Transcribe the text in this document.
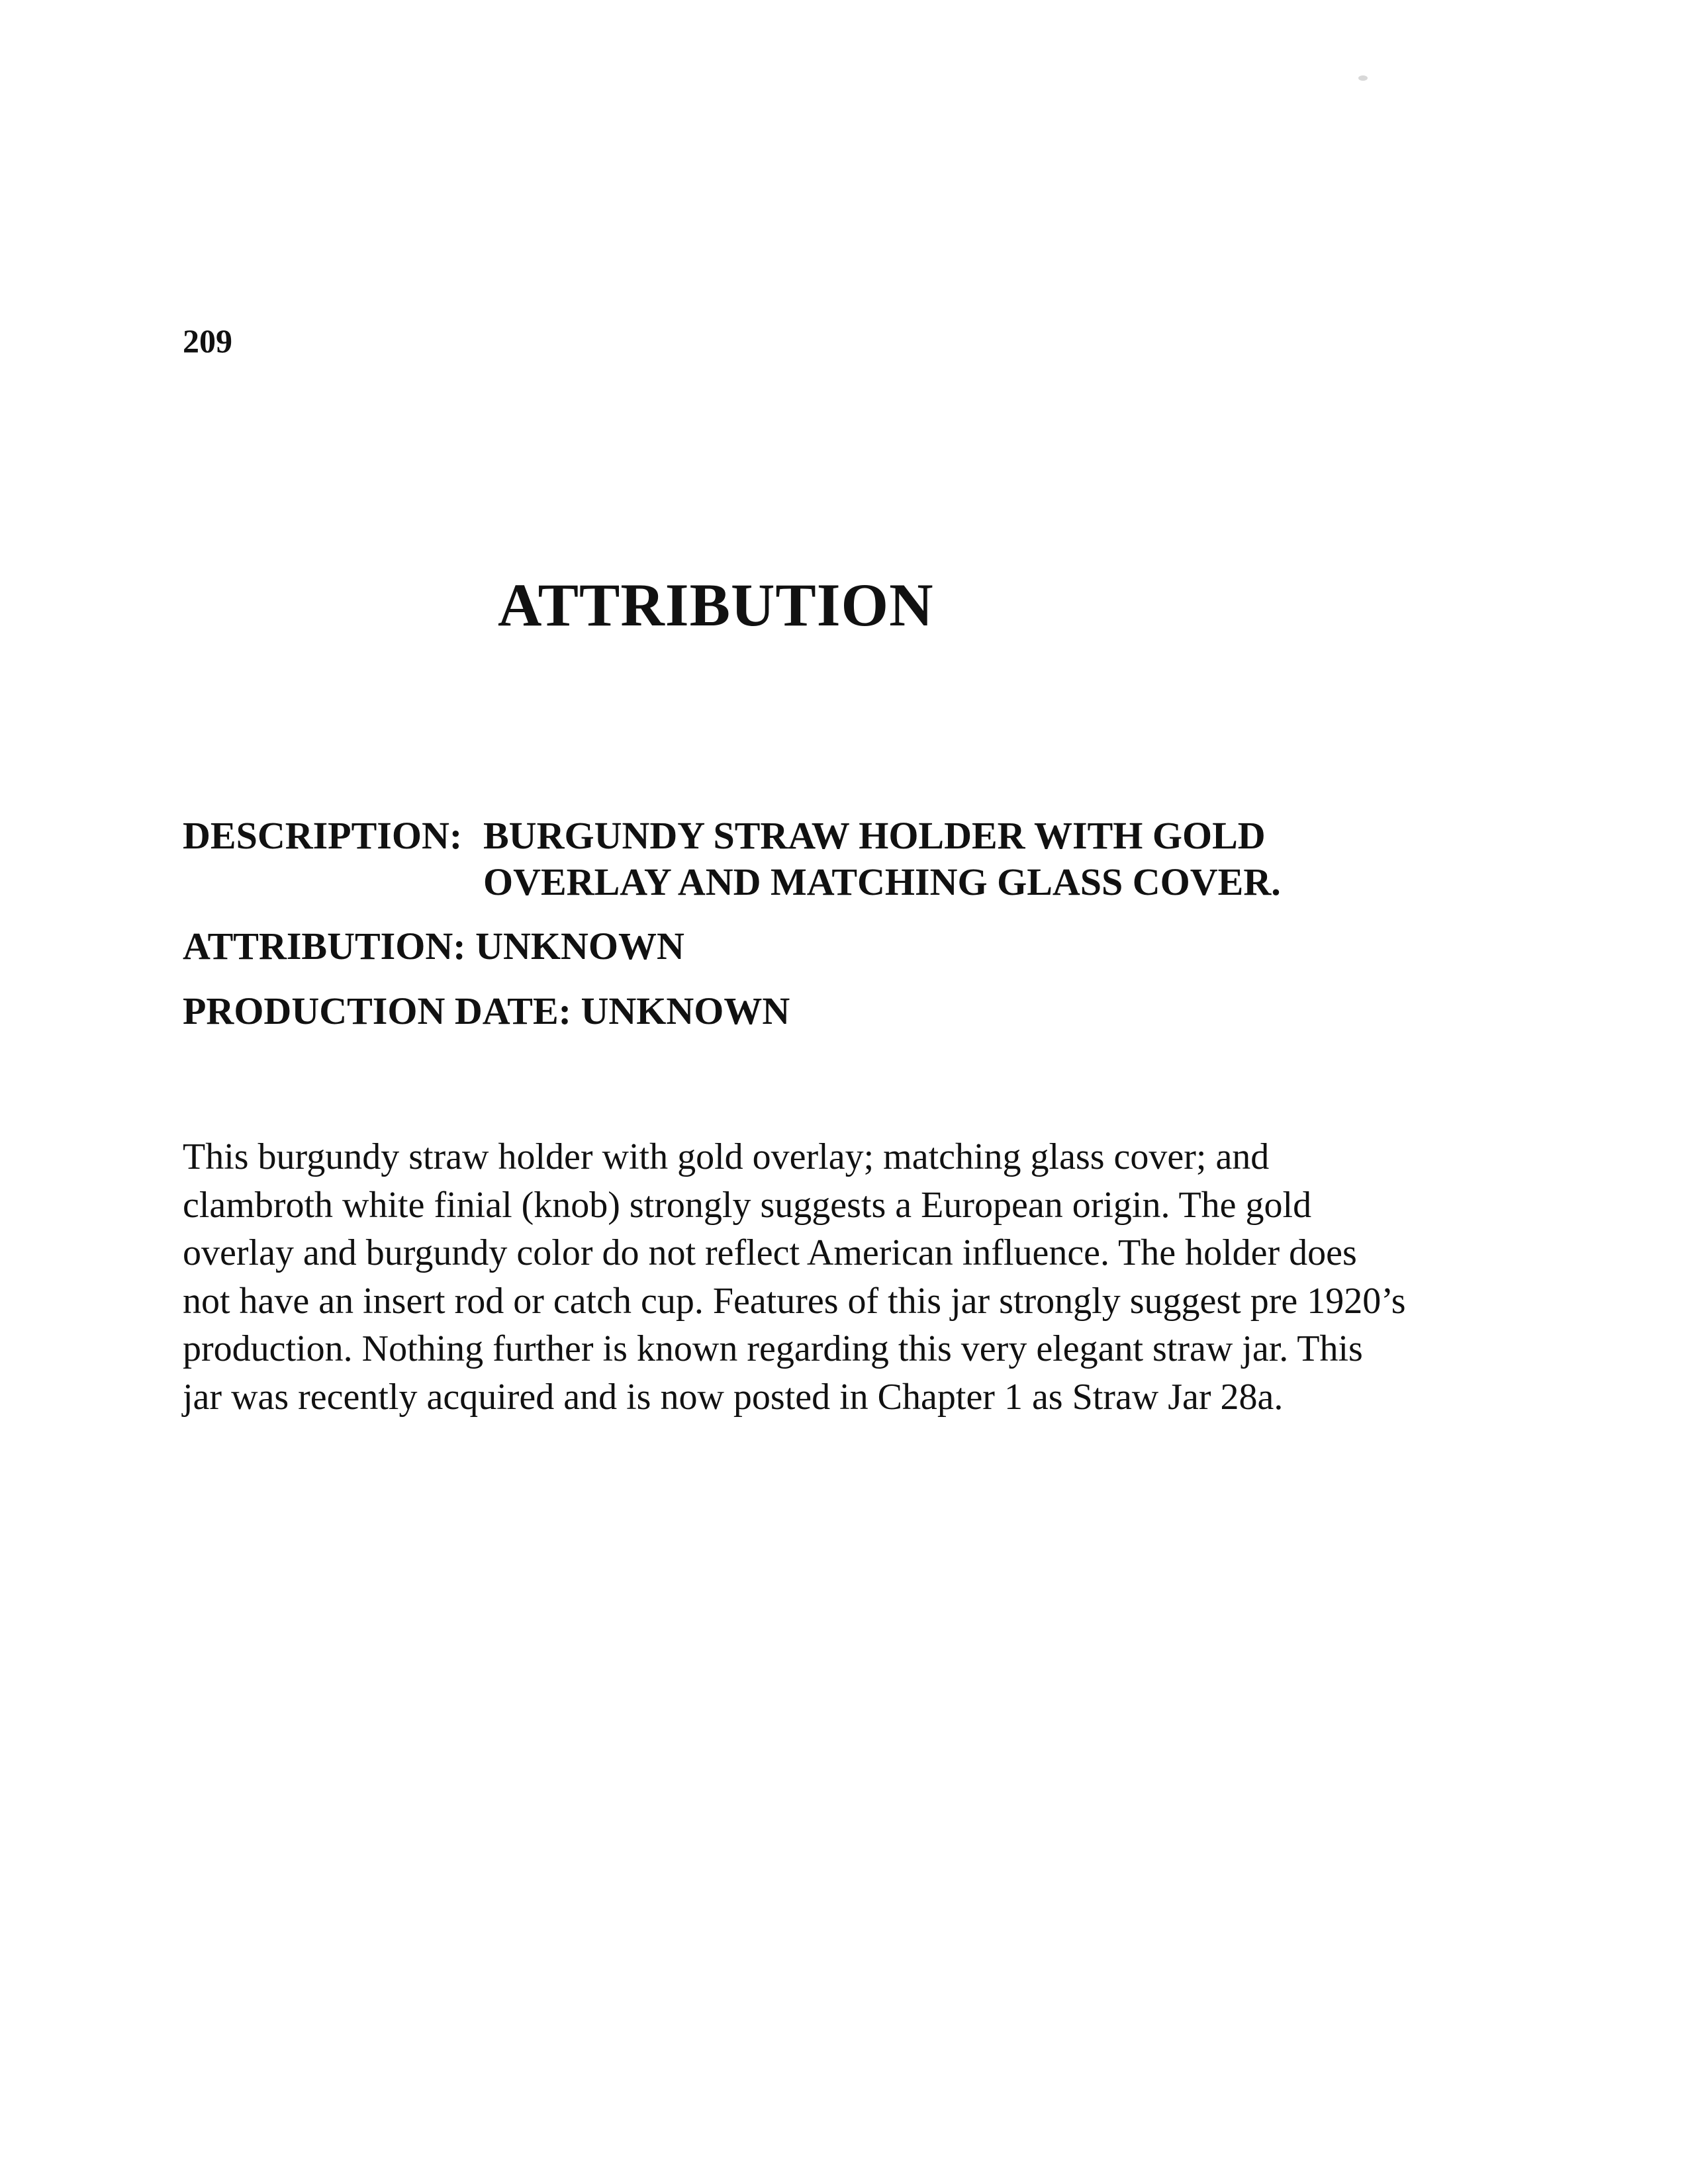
209
ATTRIBUTION
DESCRIPTION: BURGUNDY STRAW HOLDER WITH GOLD
OVERLAY AND MATCHING GLASS COVER.
ATTRIBUTION: UNKNOWN
PRODUCTION DATE: UNKNOWN
This burgundy straw holder with gold overlay; matching glass cover; and
clambroth white finial (knob) strongly suggests a European origin. The gold
overlay and burgundy color do not reflect American influence. The holder does
not have an insert rod or catch cup. Features of this jar strongly suggest pre 1920’s
production. Nothing further is known regarding this very elegant straw jar. This
jar was recently acquired and is now posted in Chapter 1 as Straw Jar 28a.
